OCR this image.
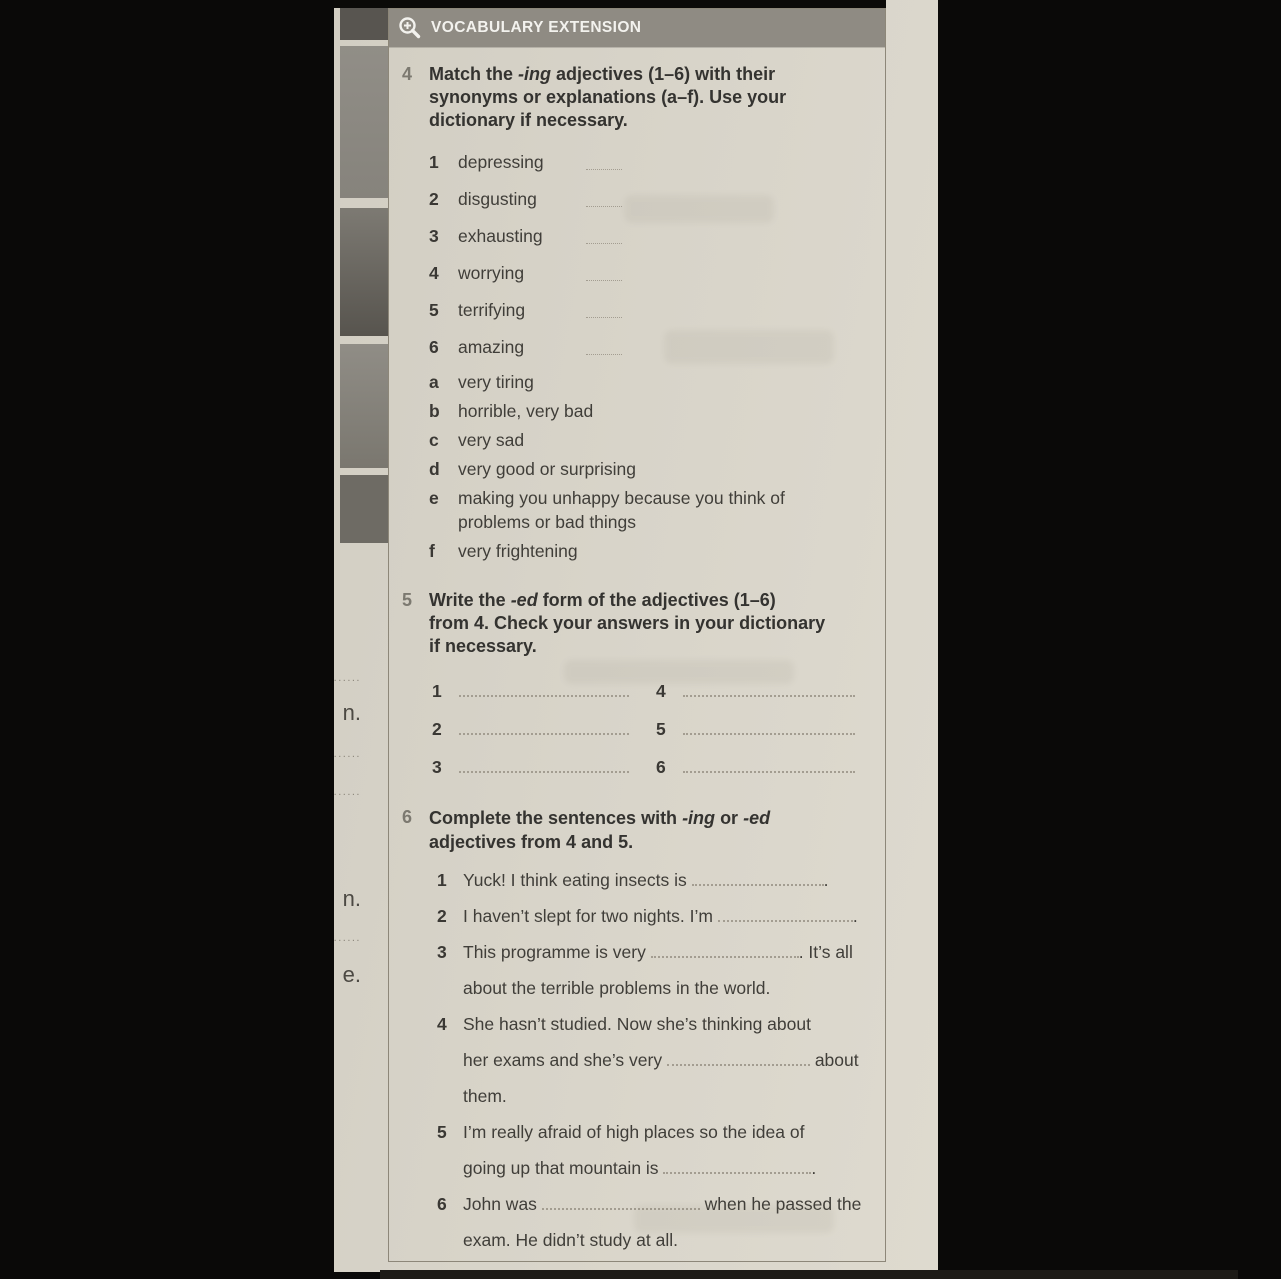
......
n.
......
......
n.
......
e.
VOCABULARY EXTENSION
4 Match the -ing adjectives (1–6) with their
synonyms or explanations (a–f). Use your
dictionary if necessary.
1 depressing
2 disgusting
3 exhausting
4 worrying
5 terrifying
6 amazing
a very tiring
b horrible, very bad
c very sad
d very good or surprising
e making you unhappy because you think of problems or bad things
f very frightening
5 Write the -ed form of the adjectives (1–6)
from 4. Check your answers in your dictionary
if necessary.
1	4
2	5
3	6
6 Complete the sentences with -ing or -ed
adjectives from 4 and 5.
1 Yuck! I think eating insects is	.
2 I haven’t slept for two nights. I’m	.
3 This programme is very	. It’s all
about the terrible problems in the world.
4 She hasn’t studied. Now she’s thinking about
her exams and she’s very	about
them.
5 I’m really afraid of high places so the idea of
going up that mountain is	.
6 John was	when he passed the
exam. He didn’t study at all.
